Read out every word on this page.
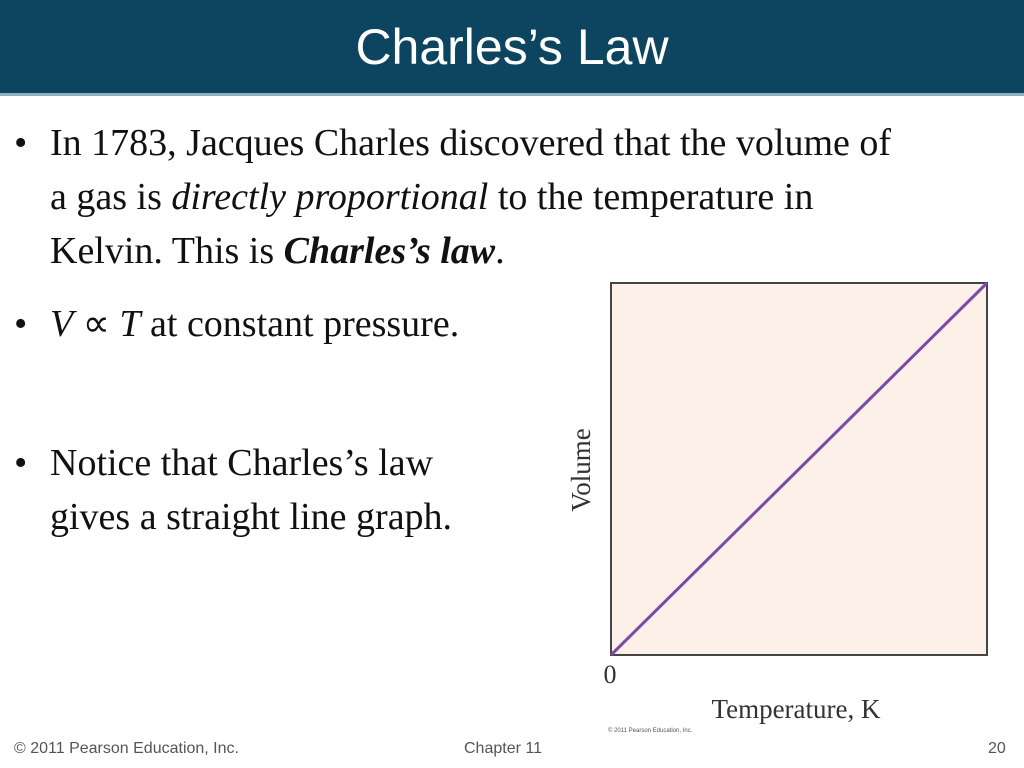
Charles’s Law
• In 1783, Jacques Charles discovered that the volume of a gas is directly proportional to the temperature in Kelvin. This is Charles’s law.
• V ∝ T at constant pressure.
• Notice that Charles’s law gives a straight line graph.
0
Volume
Temperature, K
© 2011 Pearson Education, Inc.
© 2011 Pearson Education, Inc.	Chapter 11	20
